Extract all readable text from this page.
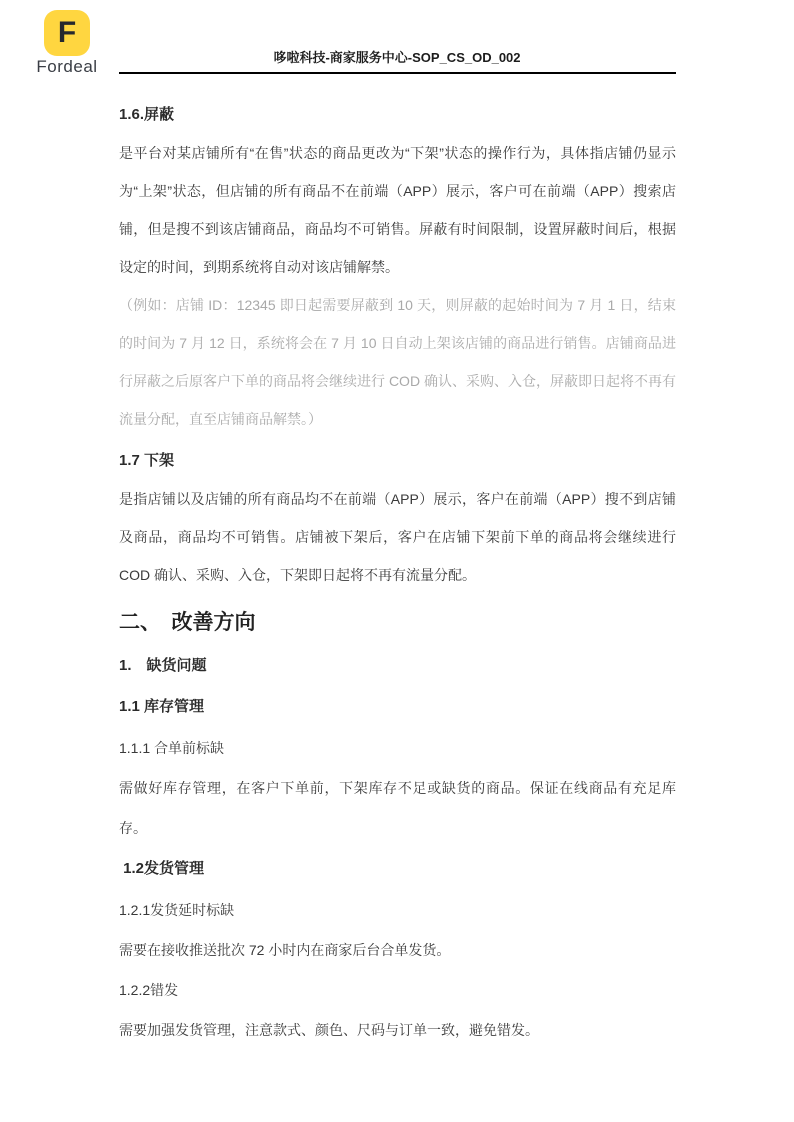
F
Fordeal	哆啦科技-商家服务中心-SOP_CS_OD_002
1.6.屏蔽

是平台对某店铺所有“在售”状态的商品更改为“下架”状态的操作行为，具体指店铺仍显示为“上架”状态，但店铺的所有商品不在前端（APP）展示，客户可在前端（APP）搜索店铺，但是搜不到该店铺商品，商品均不可销售。屏蔽有时间限制，设置屏蔽时间后，根据设定的时间，到期系统将自动对该店铺解禁。

（例如：店铺 ID：12345 即日起需要屏蔽到 10 天，则屏蔽的起始时间为 7 月 1 日，结束的时间为 7 月 12 日，系统将会在 7 月 10 日自动上架该店铺的商品进行销售。店铺商品进行屏蔽之后原客户下单的商品将会继续进行 COD 确认、采购、入仓，屏蔽即日起将不再有流量分配，直至店铺商品解禁。）

1.7 下架

是指店铺以及店铺的所有商品均不在前端（APP）展示，客户在前端（APP）搜不到店铺及商品，商品均不可销售。店铺被下架后，客户在店铺下架前下单的商品将会继续进行 COD 确认、采购、入仓，下架即日起将不再有流量分配。

二、　改善方向
1.　缺货问题
1.1 库存管理

1.1.1 合单前标缺

需做好库存管理，在客户下单前，下架库存不足或缺货的商品。保证在线商品有充足库存。

1.2发货管理

1.2.1发货延时标缺

需要在接收推送批次 72 小时内在商家后台合单发货。

1.2.2错发

需要加强发货管理，注意款式、颜色、尺码与订单一致，避免错发。
